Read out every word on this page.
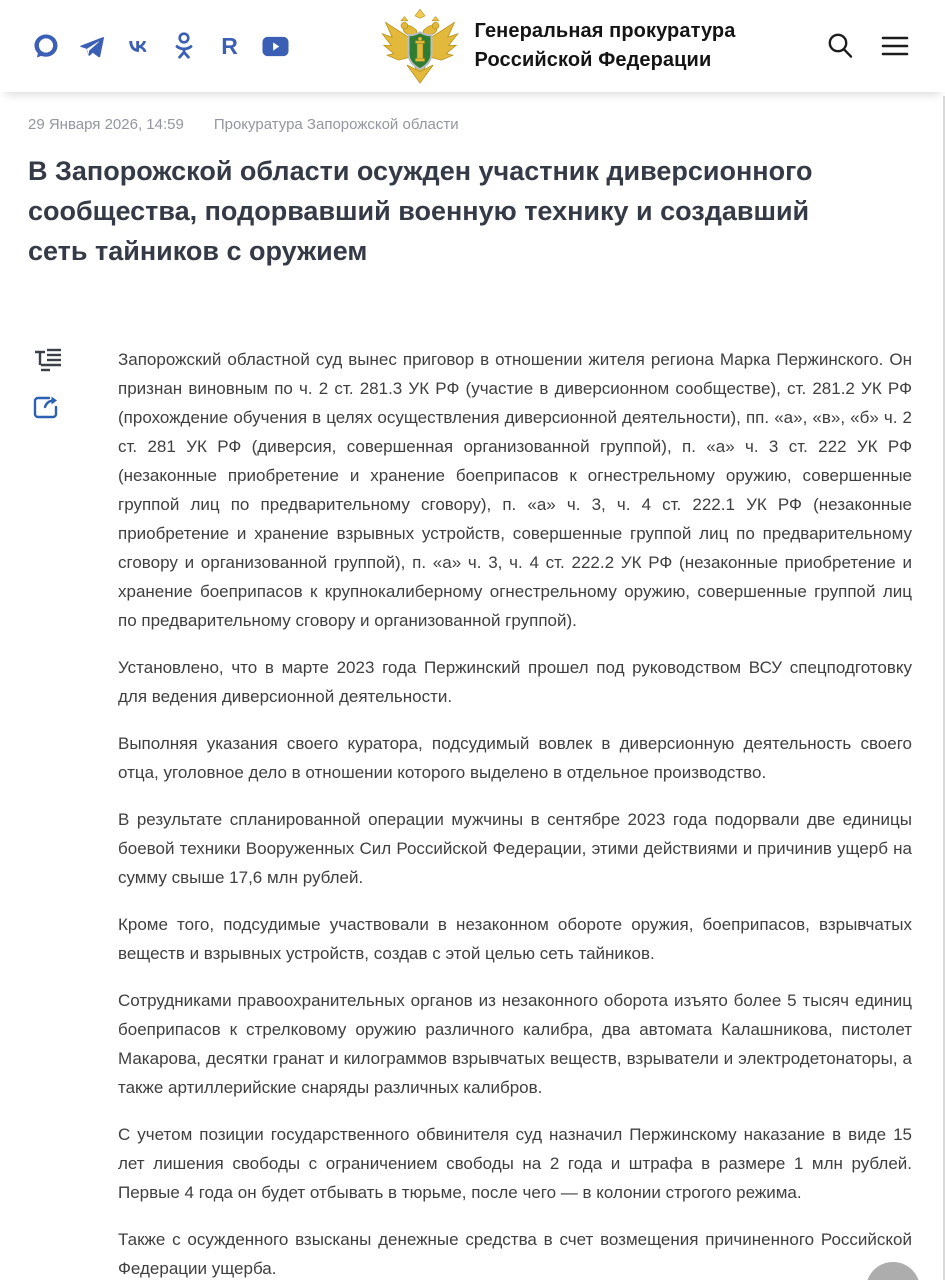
R
Генеральная прокуратура
Российской Федерации
29 Января 2026, 14:59 Прокуратура Запорожской области
В Запорожской области осужден участник диверсионного сообщества, подорвавший военную технику и создавший сеть тайников с оружием

Запорожский областной суд вынес приговор в отношении жителя региона Марка Пержинского. Он признан виновным по ч. 2 ст. 281.3 УК РФ (участие в диверсионном сообществе), ст. 281.2 УК РФ (прохождение обучения в целях осуществления диверсионной деятельности), пп. «а», «в», «б» ч. 2 ст. 281 УК РФ (диверсия, совершенная организованной группой), п. «а» ч. 3 ст. 222 УК РФ (незаконные приобретение и хранение боеприпасов к огнестрельному оружию, совершенные группой лиц по предварительному сговору), п. «а» ч. 3, ч. 4 ст. 222.1 УК РФ (незаконные приобретение и хранение взрывных устройств, совершенные группой лиц по предварительному сговору и организованной группой), п. «а» ч. 3, ч. 4 ст. 222.2 УК РФ (незаконные приобретение и хранение боеприпасов к крупнокалиберному огнестрельному оружию, совершенные группой лиц по предварительному сговору и организованной группой).

Установлено, что в марте 2023 года Пержинский прошел под руководством ВСУ спецподготовку для ведения диверсионной деятельности.

Выполняя указания своего куратора, подсудимый вовлек в диверсионную деятельность своего отца, уголовное дело в отношении которого выделено в отдельное производство.

В результате спланированной операции мужчины в сентябре 2023 года подорвали две единицы боевой техники Вооруженных Сил Российской Федерации, этими действиями и причинив ущерб на сумму свыше 17,6 млн рублей.

Кроме того, подсудимые участвовали в незаконном обороте оружия, боеприпасов, взрывчатых веществ и взрывных устройств, создав с этой целью сеть тайников.

Сотрудниками правоохранительных органов из незаконного оборота изъято более 5 тысяч единиц боеприпасов к стрелковому оружию различного калибра, два автомата Калашникова, пистолет Макарова, десятки гранат и килограммов взрывчатых веществ, взрыватели и электродетонаторы, а также артиллерийские снаряды различных калибров.

С учетом позиции государственного обвинителя суд назначил Пержинскому наказание в виде 15 лет лишения свободы с ограничением свободы на 2 года и штрафа в размере 1 млн рублей. Первые 4 года он будет отбывать в тюрьме, после чего — в колонии строгого режима.

Также с осужденного взысканы денежные средства в счет возмещения причиненного Российской Федерации ущерба.
